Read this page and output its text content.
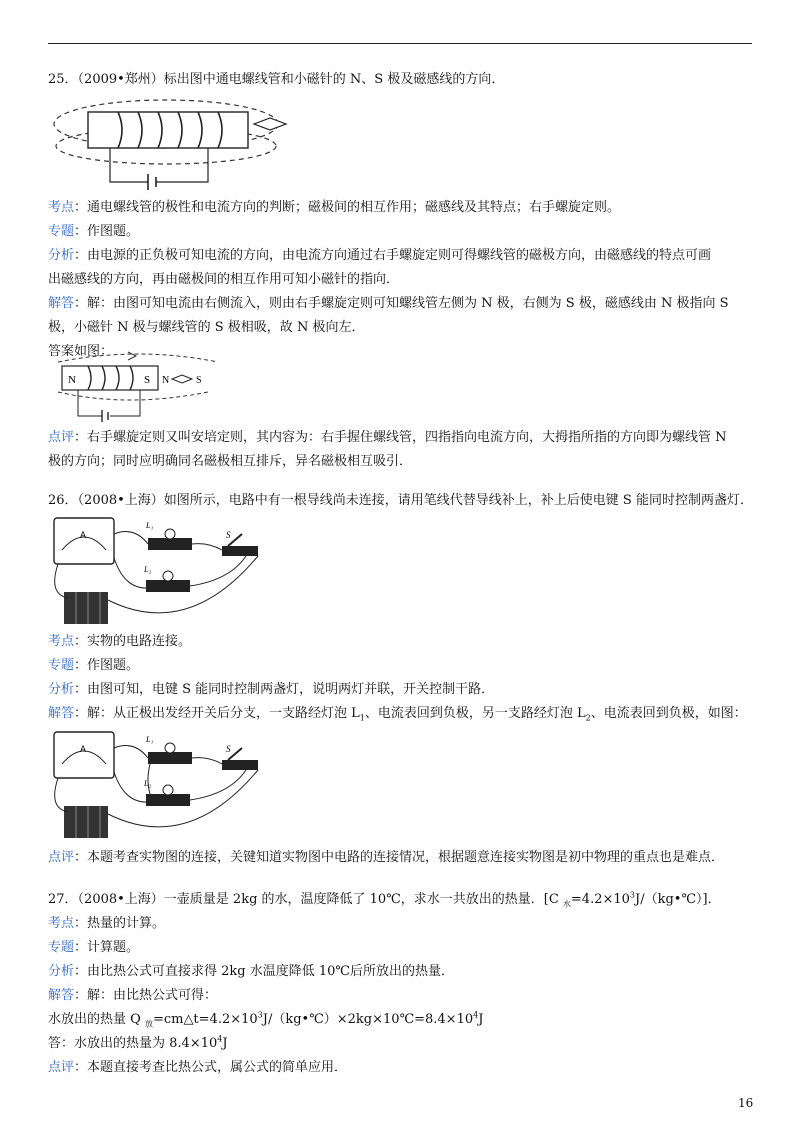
25．（2009•郑州）标出图中通电螺线管和小磁针的 N、S 极及磁感线的方向．
考点：通电螺线管的极性和电流方向的判断；磁极间的相互作用；磁感线及其特点；右手螺旋定则。
专题：作图题。
分析：由电源的正负极可知电流的方向，由电流方向通过右手螺旋定则可得螺线管的磁极方向，由磁感线的特点可画
出磁感线的方向，再由磁极间的相互作用可知小磁针的指向．
解答：解：由图可知电流由右侧流入，则由右手螺旋定则可知螺线管左侧为 N 极，右侧为 S 极，磁感线由 N 极指向 S
极，小磁针 N 极与螺线管的 S 极相吸，故 N 极向左．
答案如图：
N	S N	S
点评：右手螺旋定则又叫安培定则，其内容为：右手握住螺线管，四指指向电流方向，大拇指所指的方向即为螺线管 N
极的方向；同时应明确同名磁极相互排斥，异名磁极相互吸引．
26．（2008•上海）如图所示，电路中有一根导线尚未连接，请用笔线代替导线补上，补上后使电键 S 能同时控制两盏灯．
A
L₁
L₂
S
考点：实物的电路连接。
专题：作图题。
分析：由图可知，电键 S 能同时控制两盏灯，说明两灯并联，开关控制干路．
解答：解：从正极出发经开关后分支，一支路经灯泡 $L_1$、电流表回到负极，另一支路经灯泡 $L_2$、电流表回到负极，如图：
A
L₁
L₂
S
点评：本题考查实物图的连接，关键知道实物图中电路的连接情况，根据题意连接实物图是初中物理的重点也是难点．
27．（2008•上海）一壶质量是 2kg 的水，温度降低了 10℃，求水一共放出的热量．[C $_水=4.2\times 10^3J/(kg•℃)$]．
考点：热量的计算。
专题：计算题。
分析：由比热公式可直接求得 2kg 水温度降低 10℃后所放出的热量．
解答：解：由比热公式可得：
水放出的热量 Q $_放=cm\triangle t=4.2\times 10^3J/(kg•℃)\times 2kg\times 10℃=8.4\times 10^4J$
答：水放出的热量为 $8.4\times 10^4J$
点评：本题直接考查比热公式，属公式的简单应用．
16
